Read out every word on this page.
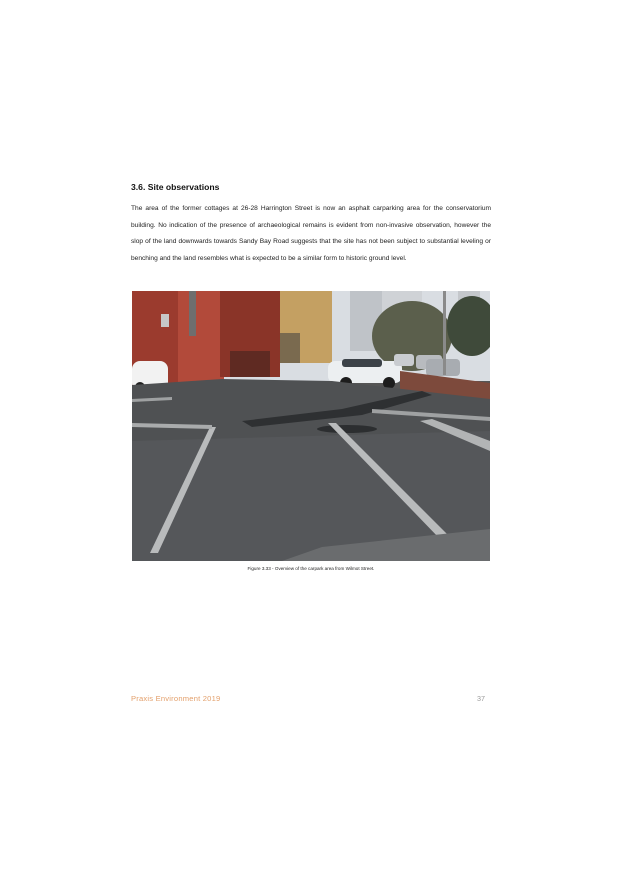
3.6. Site observations

The area of the former cottages at 26-28 Harrington Street is now an asphalt carparking area for the conservatorium building. No indication of the presence of archaeological remains is evident from non-invasive observation, however the slop of the land downwards towards Sandy Bay Road suggests that the site has not been subject to substantial leveling or benching and the land resembles what is expected to be a similar form to historic ground level.

Figure 3.33 - Overview of the carpark area from Wilmot Street.
Praxis Environment 2019	37
